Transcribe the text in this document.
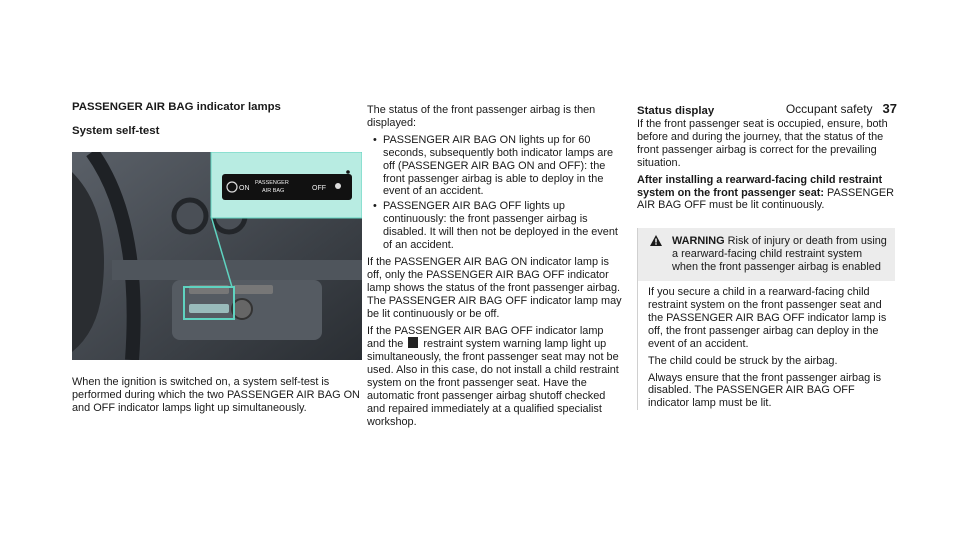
Occupant safety 37
PASSENGER AIR BAG indicator lamps
System self-test
ON
PASSENGER
AIR BAG	OFF
When the ignition is switched on, a system self-test is performed during which the two PASSENGER AIR BAG ON and OFF indicator lamps light up simultaneously.
The status of the front passenger airbag is then displayed:
• PASSENGER AIR BAG ON lights up for 60 seconds, subsequently both indicator lamps are off (PASSENGER AIR BAG ON and OFF): the front passenger airbag is able to deploy in the event of an accident.
• PASSENGER AIR BAG OFF lights up continuously: the front passenger airbag is disabled. It will then not be deployed in the event of an accident.
If the PASSENGER AIR BAG ON indicator lamp is off, only the PASSENGER AIR BAG OFF indicator lamp shows the status of the front passenger airbag. The PASSENGER AIR BAG OFF indicator lamp may be lit continuously or be off.
If the PASSENGER AIR BAG OFF indicator lamp and the restraint system warning lamp light up simultaneously, the front passenger seat may not be used. Also in this case, do not install a child restraint system on the front passenger seat. Have the automatic front passenger airbag shutoff checked and repaired immediately at a qualified specialist workshop.
Status display
If the front passenger seat is occupied, ensure, both before and during the journey, that the status of the front passenger airbag is correct for the prevailing situation.
After installing a rearward-facing child restraint system on the front passenger seat: PASSENGER AIR BAG OFF must be lit continuously.
WARNING Risk of injury or death from using a rearward-facing child restraint system when the front passenger airbag is enabled
If you secure a child in a rearward-facing child restraint system on the front passenger seat and the PASSENGER AIR BAG OFF indicator lamp is off, the front passenger airbag can deploy in the event of an accident.
The child could be struck by the airbag.
Always ensure that the front passenger airbag is disabled. The PASSENGER AIR BAG OFF indicator lamp must be lit.
